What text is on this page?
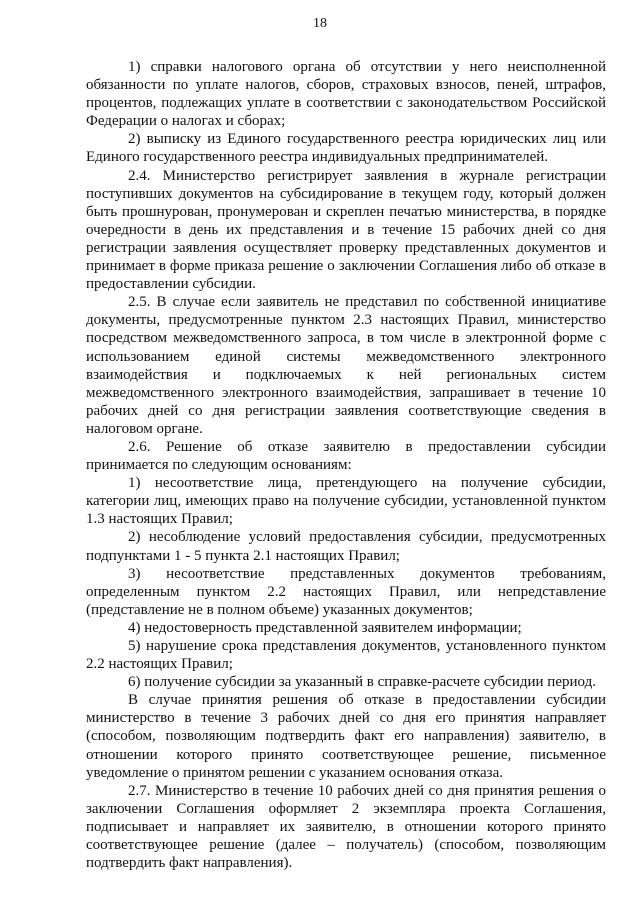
18

1) справки налогового органа об отсутствии у него неисполненной обязанности по уплате налогов, сборов, страховых взносов, пеней, штрафов, процентов, подлежащих уплате в соответствии с законодательством Российской Федерации о налогах и сборах;

2) выписку из Единого государственного реестра юридических лиц или Единого государственного реестра индивидуальных предпринимателей.

2.4. Министерство регистрирует заявления в журнале регистрации поступивших документов на субсидирование в текущем году, который должен быть прошнурован, пронумерован и скреплен печатью министерства, в порядке очередности в день их представления и в течение 15 рабочих дней со дня регистрации заявления осуществляет проверку представленных документов и принимает в форме приказа решение о заключении Соглашения либо об отказе в предоставлении субсидии.

2.5. В случае если заявитель не представил по собственной инициативе документы, предусмотренные пунктом 2.3 настоящих Правил, министерство посредством межведомственного запроса, в том числе в электронной форме с использованием единой системы межведомственного электронного взаимодействия и подключаемых к ней региональных систем межведомственного электронного взаимодействия, запрашивает в течение 10 рабочих дней со дня регистрации заявления соответствующие сведения в налоговом органе.

2.6. Решение об отказе заявителю в предоставлении субсидии принимается по следующим основаниям:

1) несоответствие лица, претендующего на получение субсидии, категории лиц, имеющих право на получение субсидии, установленной пунктом 1.3 настоящих Правил;

2) несоблюдение условий предоставления субсидии, предусмотренных подпунктами 1 - 5 пункта 2.1 настоящих Правил;

3) несоответствие представленных документов требованиям, определенным пунктом 2.2 настоящих Правил, или непредставление (представление не в полном объеме) указанных документов;

4) недостоверность представленной заявителем информации;

5) нарушение срока представления документов, установленного пунктом 2.2 настоящих Правил;

6) получение субсидии за указанный в справке-расчете субсидии период.

В случае принятия решения об отказе в предоставлении субсидии министерство в течение 3 рабочих дней со дня его принятия направляет (способом, позволяющим подтвердить факт его направления) заявителю, в отношении которого принято соответствующее решение, письменное уведомление о принятом решении с указанием основания отказа.

2.7. Министерство в течение 10 рабочих дней со дня принятия решения о заключении Соглашения оформляет 2 экземпляра проекта Соглашения, подписывает и направляет их заявителю, в отношении которого принято соответствующее решение (далее – получатель) (способом, позволяющим подтвердить факт направления).
